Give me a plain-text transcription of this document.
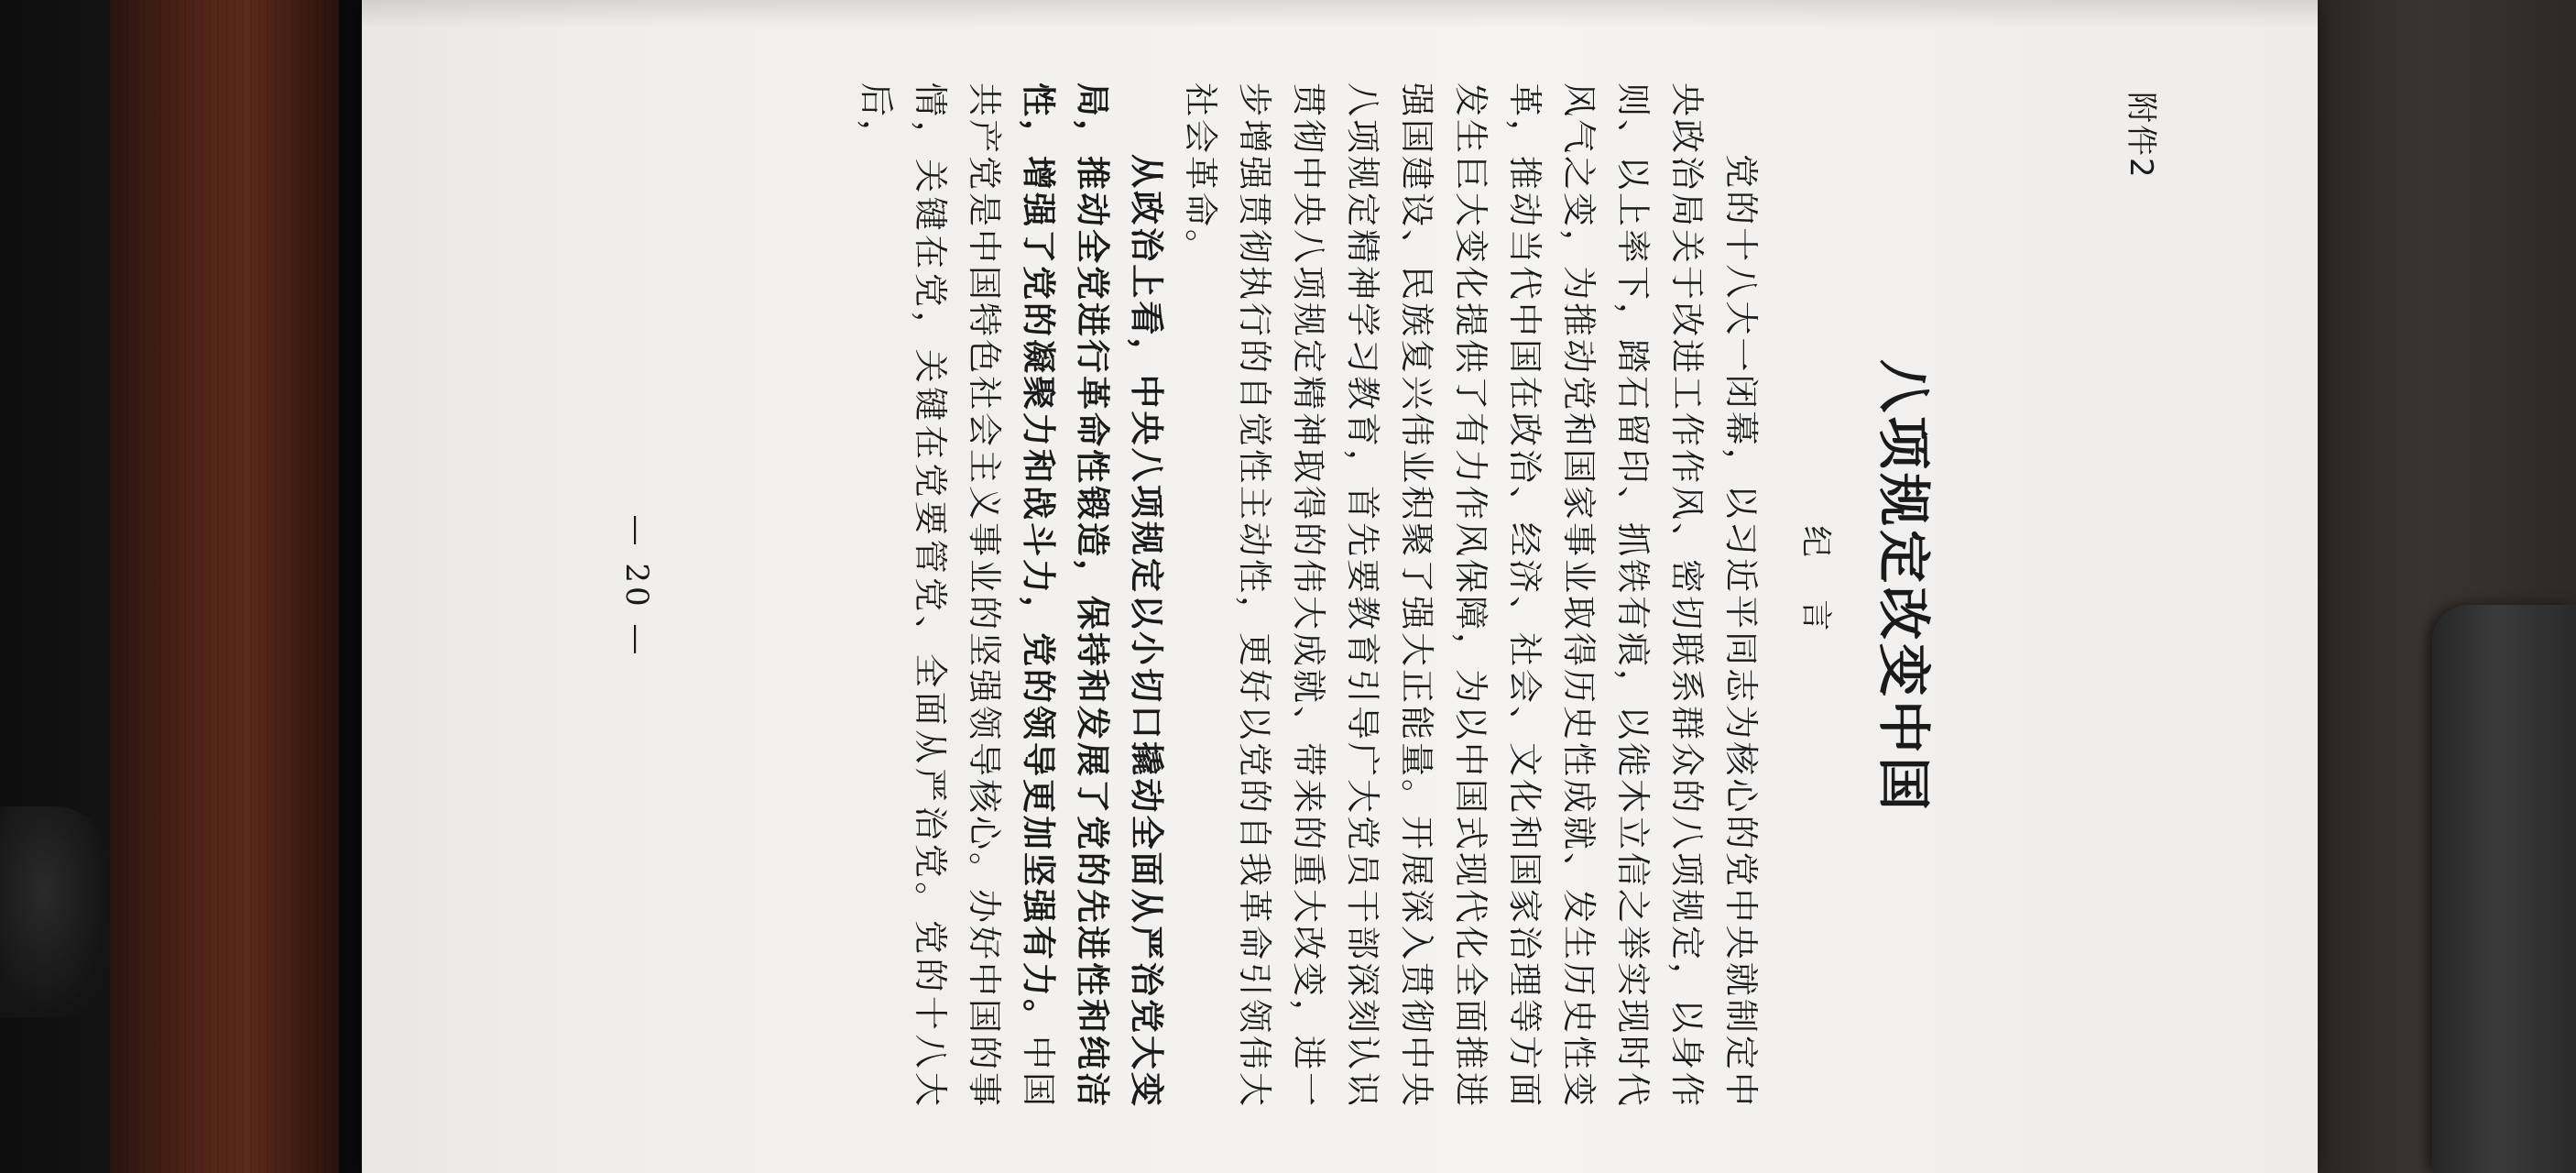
附件2
八项规定改变中国
纪 言

党的十八大一闭幕，以习近平同志为核心的党中央就制定中央政治局关于改进工作作风、密切联系群众的八项规定，以身作则、以上率下，踏石留印、抓铁有痕，以徙木立信之举实现时代风气之变，为推动党和国家事业取得历史性成就、发生历史性变革，推动当代中国在政治、经济、社会、文化和国家治理等方面发生巨大变化提供了有力作风保障，为以中国式现代化全面推进强国建设、民族复兴伟业积聚了强大正能量。开展深入贯彻中央八项规定精神学习教育，首先要教育引导广大党员干部深刻认识贯彻中央八项规定精神取得的伟大成就、带来的重大改变，进一步增强贯彻执行的自觉性主动性，更好以党的自我革命引领伟大社会革命。

从政治上看，中央八项规定以小切口撬动全面从严治党大变局，推动全党进行革命性锻造，保持和发展了党的先进性和纯洁性，增强了党的凝聚力和战斗力，党的领导更加坚强有力。中国共产党是中国特色社会主义事业的坚强领导核心。办好中国的事情，关键在党，关键在党要管党、全面从严治党。党的十八大后，

— 20 —
